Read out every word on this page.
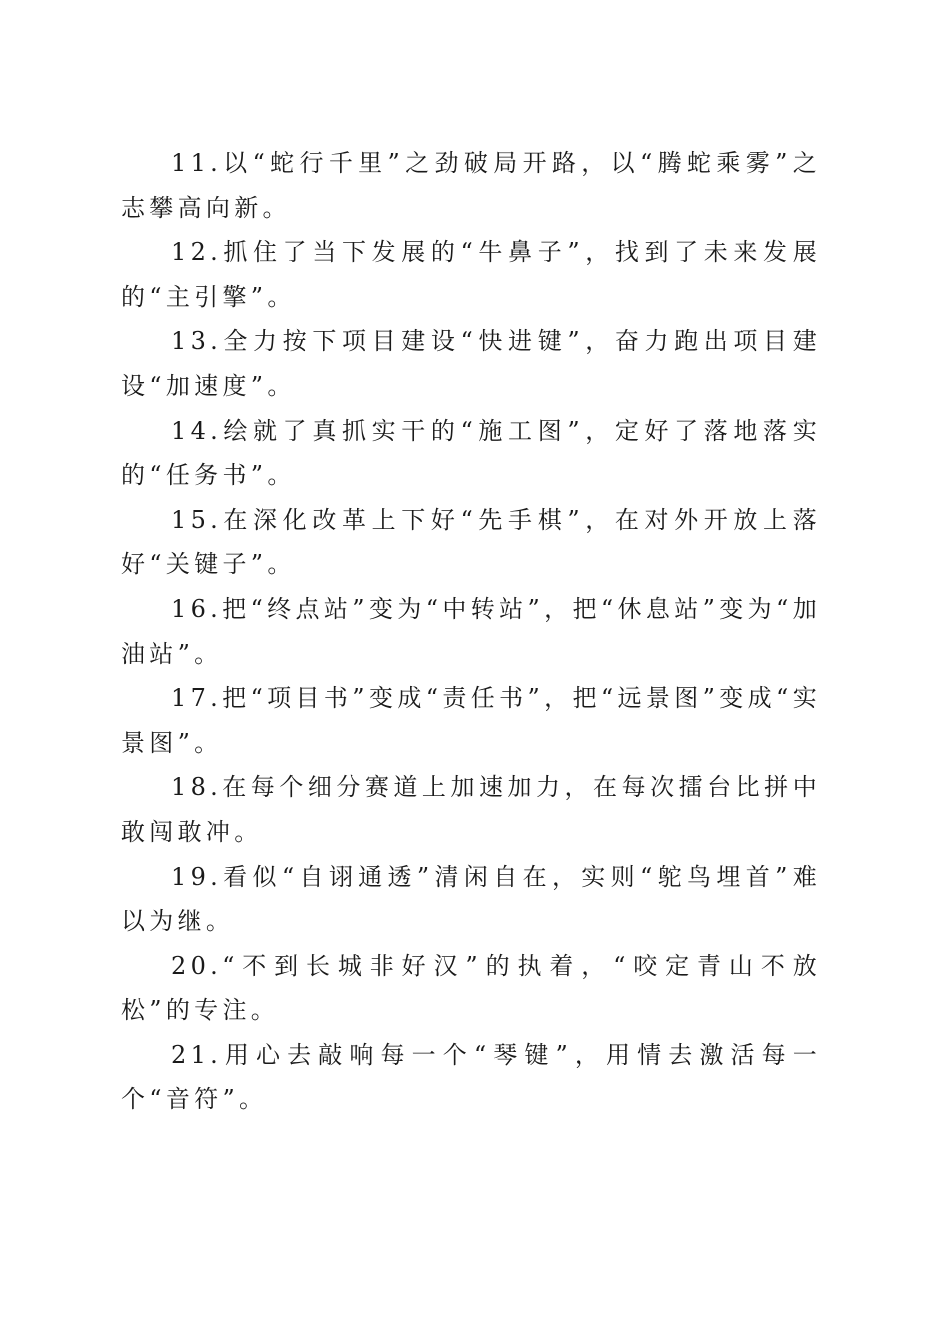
11.以“蛇行千里”之劲破局开路，以“腾蛇乘雾”之志攀高向新。

12.抓住了当下发展的“牛鼻子”，找到了未来发展的“主引擎”。

13.全力按下项目建设“快进键”，奋力跑出项目建设“加速度”。

14.绘就了真抓实干的“施工图”，定好了落地落实的“任务书”。

15.在深化改革上下好“先手棋”，在对外开放上落好“关键子”。

16.把“终点站”变为“中转站”，把“休息站”变为“加油站”。

17.把“项目书”变成“责任书”，把“远景图”变成“实景图”。

18.在每个细分赛道上加速加力，在每次擂台比拼中敢闯敢冲。

19.看似“自诩通透”清闲自在，实则“鸵鸟埋首”难以为继。

20.“不到长城非好汉”的执着，“咬定青山不放松”的专注。

21.用心去敲响每一个“琴键”，用情去激活每一个“音符”。
